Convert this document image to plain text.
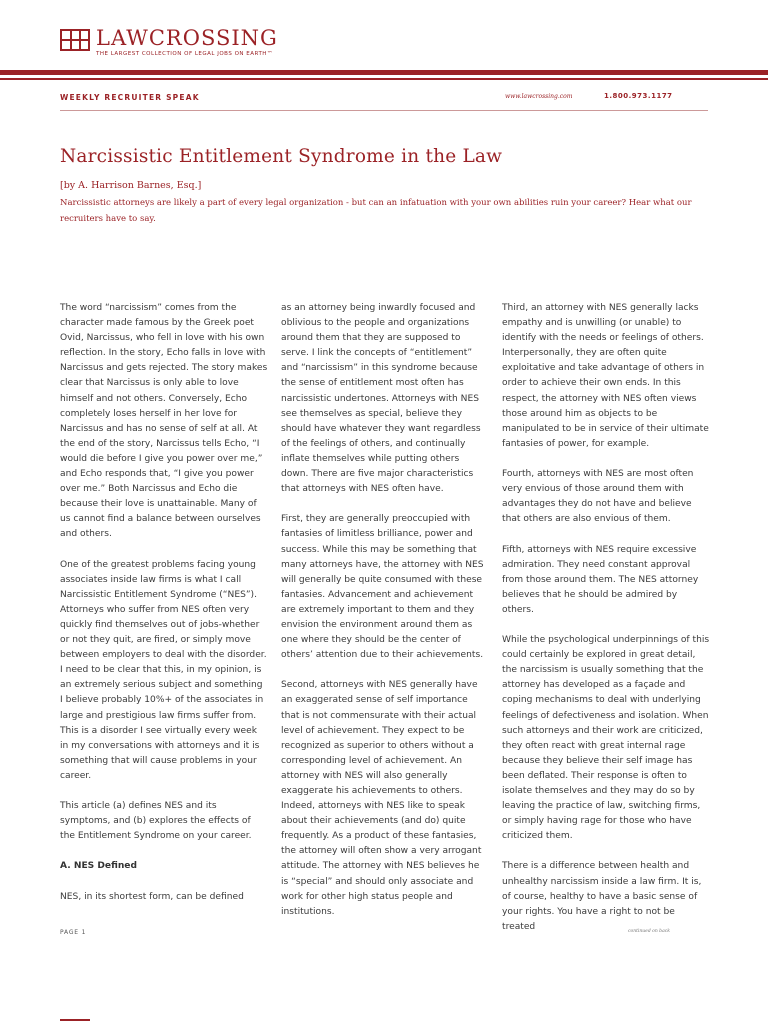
LAWCROSSING
THE LARGEST COLLECTION OF LEGAL JOBS ON EARTH™
WEEKLY RECRUITER SPEAK	www.lawcrossing.com	1.800.973.1177
Narcissistic Entitlement Syndrome in the Law
[by A. Harrison Barnes, Esq.]
Narcissistic attorneys are likely a part of every legal organization - but can an infatuation with your own abilities ruin your career? Hear what our recruiters have to say.

The word “narcissism” comes from the character made famous by the Greek poet Ovid, Narcissus, who fell in love with his own reflection. In the story, Echo falls in love with Narcissus and gets rejected. The story makes clear that Narcissus is only able to love himself and not others. Conversely, Echo completely loses herself in her love for Narcissus and has no sense of self at all. At the end of the story, Narcissus tells Echo, “I would die before I give you power over me,” and Echo responds that, “I give you power over me.” Both Narcissus and Echo die because their love is unattainable. Many of us cannot find a balance between ourselves and others.

One of the greatest problems facing young associates inside law firms is what I call Narcissistic Entitlement Syndrome (“NES”). Attorneys who suffer from NES often very quickly find themselves out of jobs-whether or not they quit, are fired, or simply move between employers to deal with the disorder. I need to be clear that this, in my opinion, is an extremely serious subject and something I believe probably 10%+ of the associates in large and prestigious law firms suffer from. This is a disorder I see virtually every week in my conversations with attorneys and it is something that will cause problems in your career.

This article (a) defines NES and its symptoms, and (b) explores the effects of the Entitlement Syndrome on your career.

A. NES Defined

NES, in its shortest form, can be defined

as an attorney being inwardly focused and oblivious to the people and organizations around them that they are supposed to serve. I link the concepts of “entitlement” and “narcissism” in this syndrome because the sense of entitlement most often has narcissistic undertones. Attorneys with NES see themselves as special, believe they should have whatever they want regardless of the feelings of others, and continually inflate themselves while putting others down. There are five major characteristics that attorneys with NES often have.

First, they are generally preoccupied with fantasies of limitless brilliance, power and success. While this may be something that many attorneys have, the attorney with NES will generally be quite consumed with these fantasies. Advancement and achievement are extremely important to them and they envision the environment around them as one where they should be the center of others’ attention due to their achievements.

Second, attorneys with NES generally have an exaggerated sense of self importance that is not commensurate with their actual level of achievement. They expect to be recognized as superior to others without a corresponding level of achievement. An attorney with NES will also generally exaggerate his achievements to others. Indeed, attorneys with NES like to speak about their achievements (and do) quite frequently. As a product of these fantasies, the attorney will often show a very arrogant attitude. The attorney with NES believes he is “special” and should only associate and work for other high status people and institutions.

Third, an attorney with NES generally lacks empathy and is unwilling (or unable) to identify with the needs or feelings of others. Interpersonally, they are often quite exploitative and take advantage of others in order to achieve their own ends. In this respect, the attorney with NES often views those around him as objects to be manipulated to be in service of their ultimate fantasies of power, for example.

Fourth, attorneys with NES are most often very envious of those around them with advantages they do not have and believe that others are also envious of them.

Fifth, attorneys with NES require excessive admiration. They need constant approval from those around them. The NES attorney believes that he should be admired by others.

While the psychological underpinnings of this could certainly be explored in great detail, the narcissism is usually something that the attorney has developed as a façade and coping mechanisms to deal with underlying feelings of defectiveness and isolation. When such attorneys and their work are criticized, they often react with great internal rage because they believe their self image has been deflated. Their response is often to isolate themselves and they may do so by leaving the practice of law, switching firms, or simply having rage for those who have criticized them.

There is a difference between health and unhealthy narcissism inside a law firm. It is, of course, healthy to have a basic sense of your rights. You have a right to not be treated

PAGE 1	continued on back
